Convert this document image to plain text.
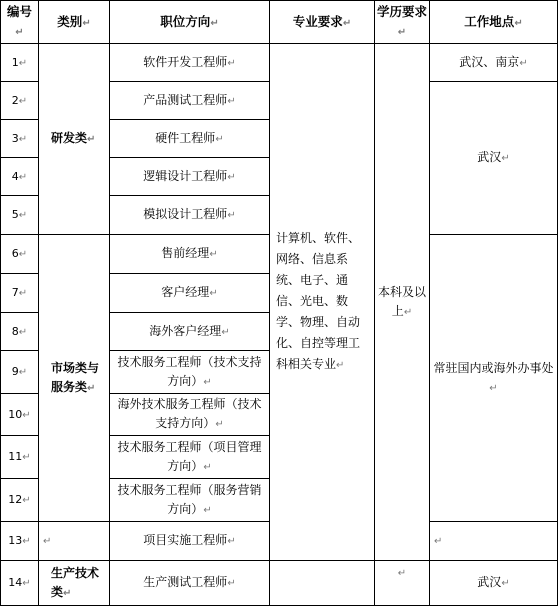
编号↵	类别↵	职位方向↵	专业要求↵	学历要求↵	工作地点↵
1↵	研发类↵	软件开发工程师↵	计算机、软件、网络、信息系统、电子、通信、光电、数学、物理、自动化、自控等理工科相关专业↵	本科及以上↵	武汉、南京↵
2↵		产品测试工程师↵			武汉↵
3↵		硬件工程师↵			
4↵		逻辑设计工程师↵			
5↵		模拟设计工程师↵			
6↵	市场类与服务类↵	售前经理↵			常驻国内或海外办事处↵
7↵		客户经理↵			
8↵		海外客户经理↵			
9↵		技术服务工程师（技术支持方向）↵			
10↵		海外技术服务工程师（技术支持方向）↵			
11↵		技术服务工程师（项目管理方向）↵			
12↵		技术服务工程师（服务营销方向）↵			
13↵	↵	项目实施工程师↵			↵
14↵	生产技术类↵	生产测试工程师↵		↵	武汉↵
